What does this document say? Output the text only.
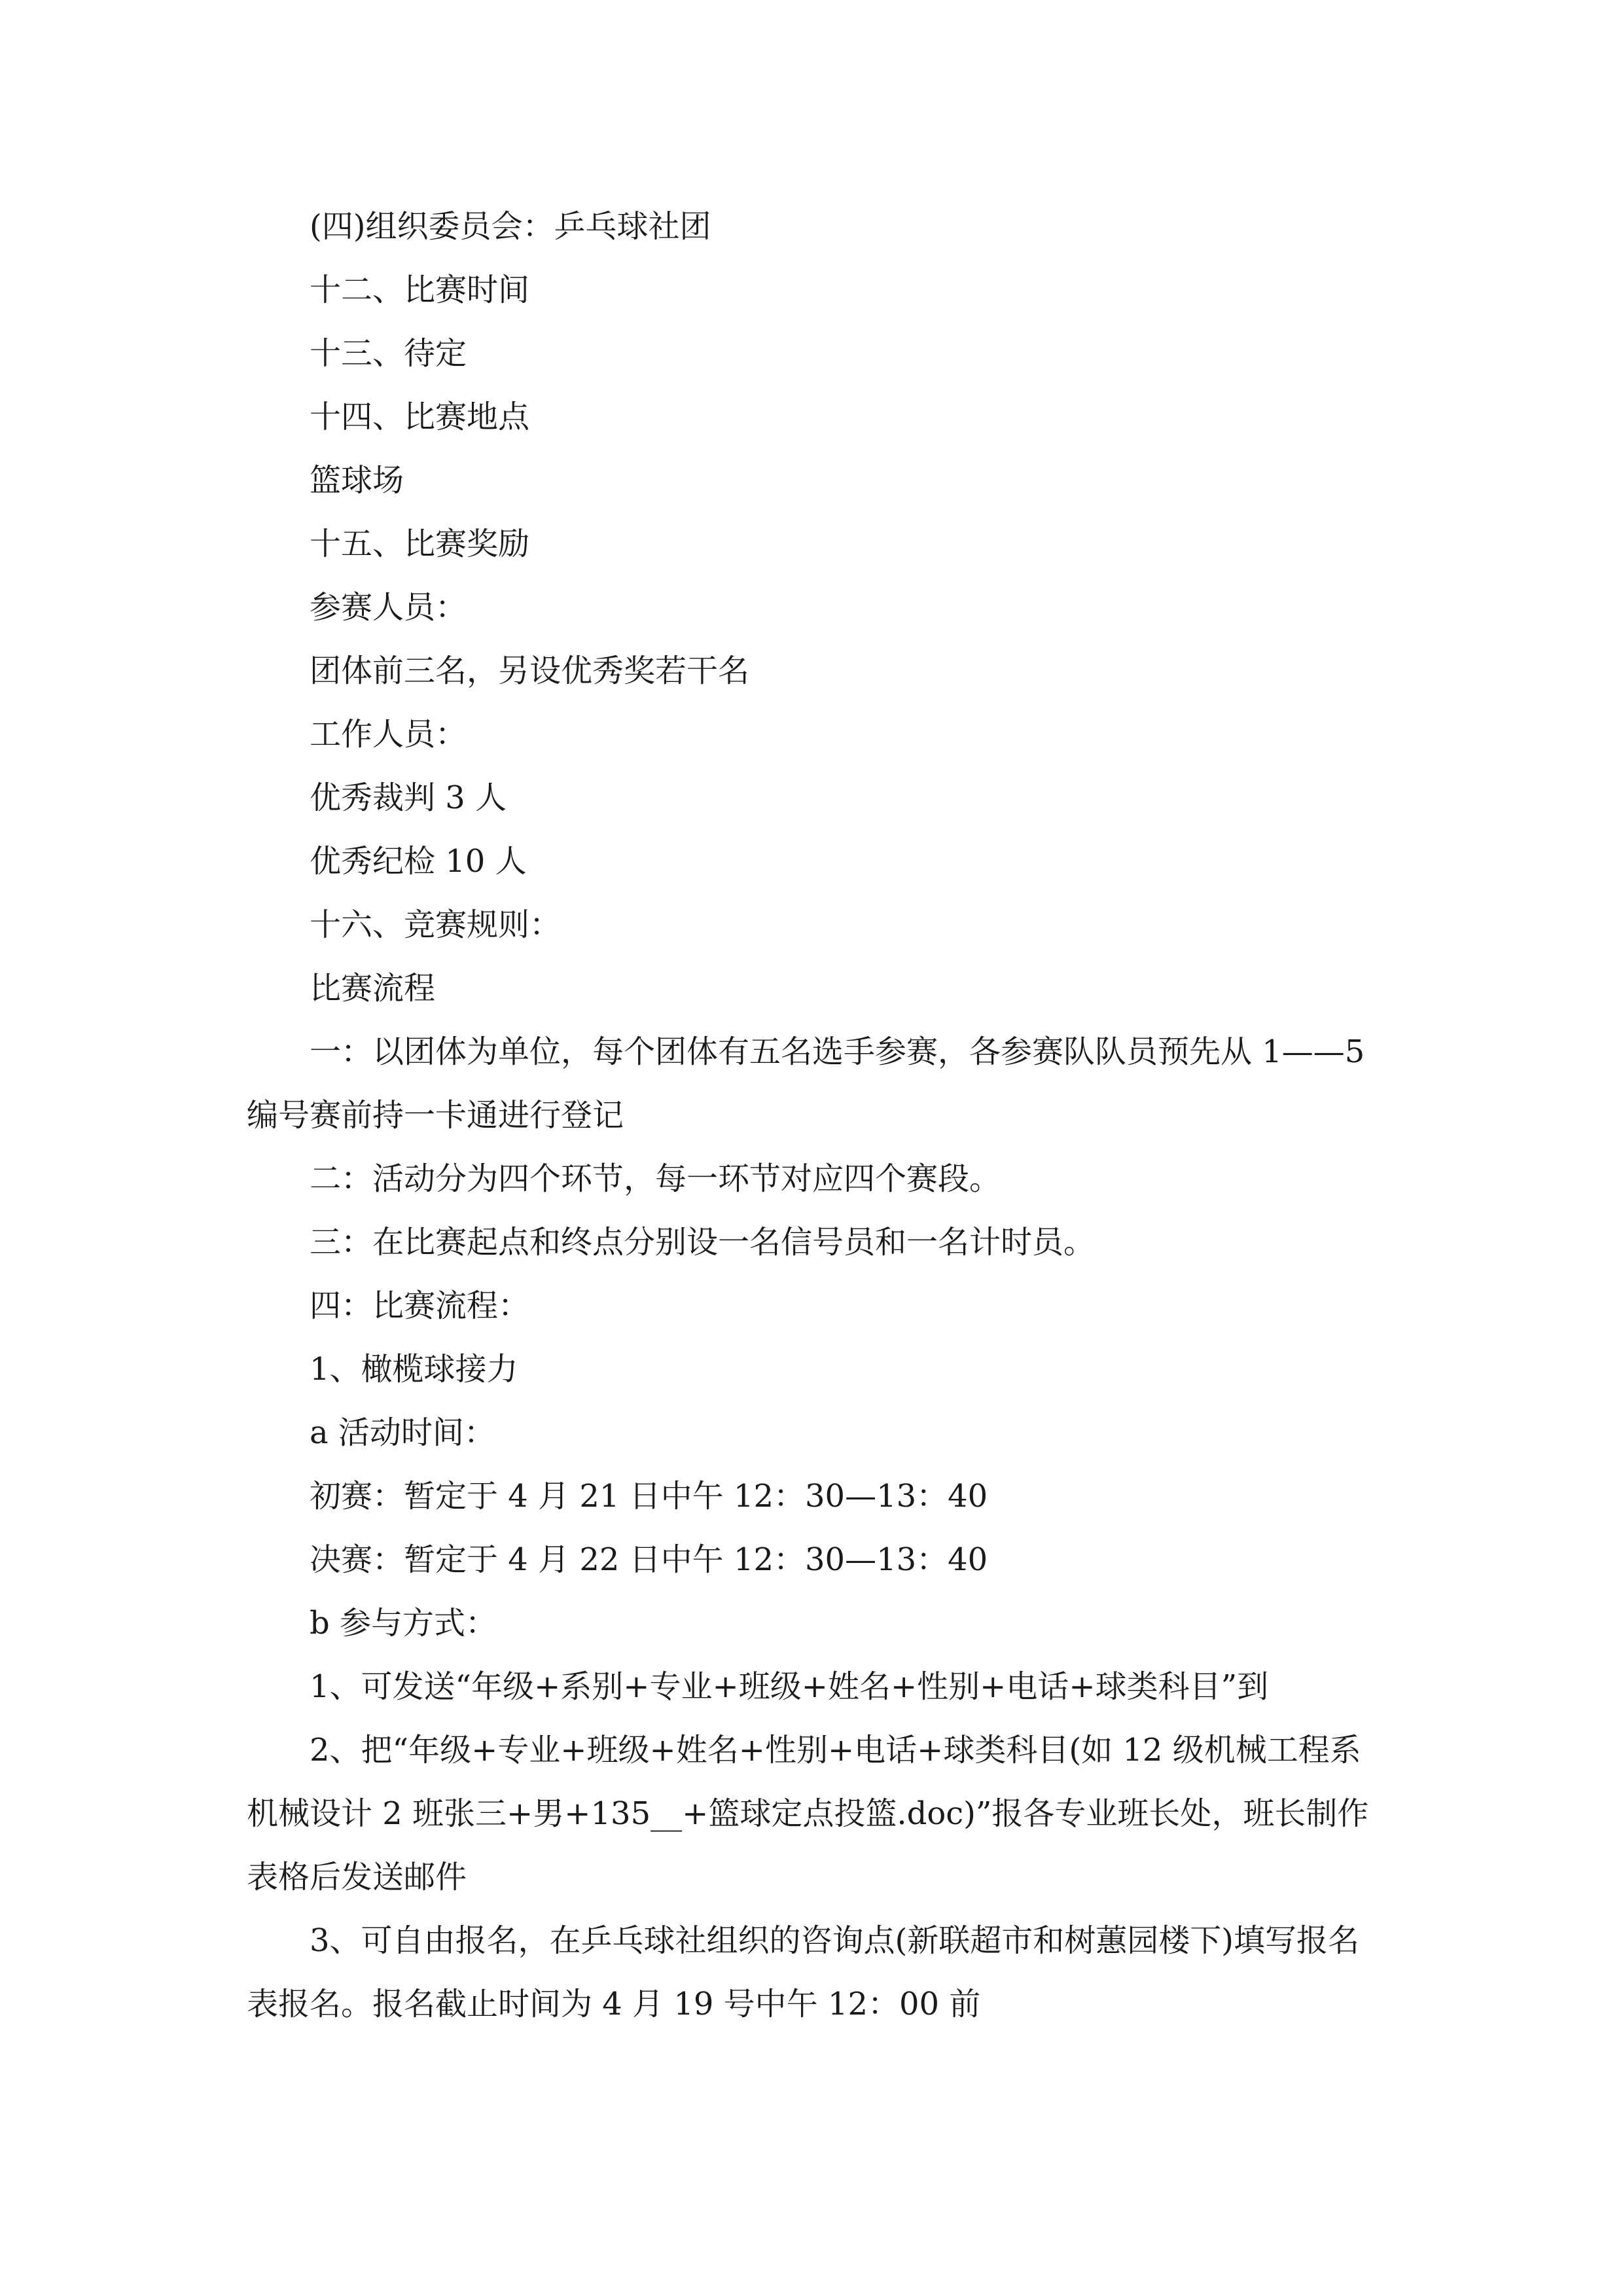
(四)组织委员会：乒乓球社团

十二、比赛时间

十三、待定

十四、比赛地点

篮球场

十五、比赛奖励

参赛人员：

团体前三名，另设优秀奖若干名

工作人员：

优秀裁判 3 人

优秀纪检 10 人

十六、竞赛规则：

比赛流程

一：以团体为单位，每个团体有五名选手参赛，各参赛队队员预先从 1——5 编号赛前持一卡通进行登记

二：活动分为四个环节，每一环节对应四个赛段。

三：在比赛起点和终点分别设一名信号员和一名计时员。

四：比赛流程：

1、橄榄球接力

a 活动时间：

初赛：暂定于 4 月 21 日中午 12：30—13：40

决赛：暂定于 4 月 22 日中午 12：30—13：40

b 参与方式：

1、可发送“年级+系别+专业+班级+姓名+性别+电话+球类科目”到

2、把“年级+专业+班级+姓名+性别+电话+球类科目(如 12 级机械工程系机械设计 2 班张三+男+135__+篮球定点投篮.doc)”报各专业班长处，班长制作表格后发送邮件

3、可自由报名，在乒乓球社组织的咨询点(新联超市和树蕙园楼下)填写报名表报名。报名截止时间为 4 月 19 号中午 12：00 前
